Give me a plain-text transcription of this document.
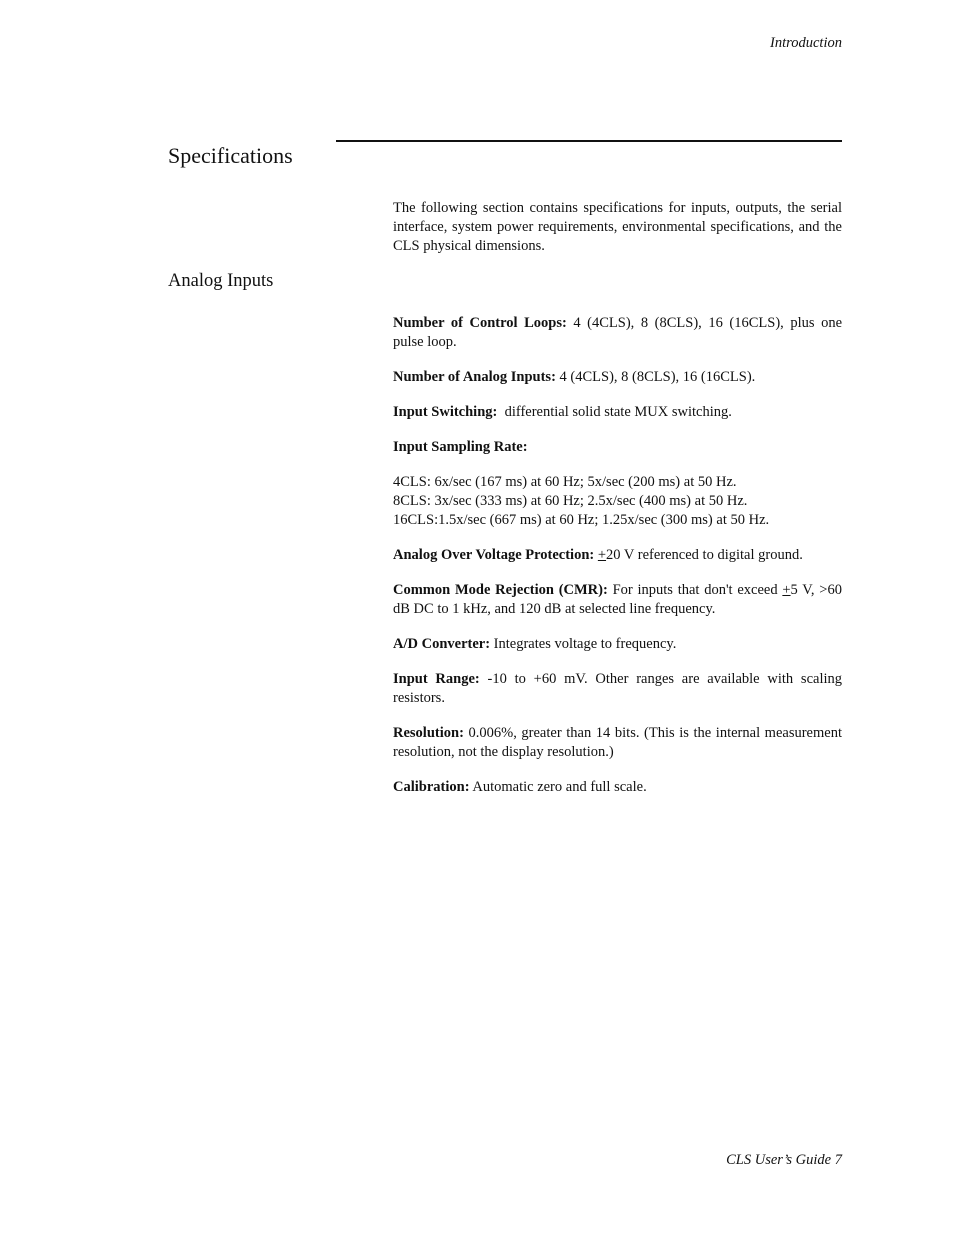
Introduction
Specifications

The following section contains specifications for inputs, outputs, the serial interface, system power requirements, environmental specifications, and the CLS physical dimensions.

Analog Inputs

Number of Control Loops: 4 (4CLS), 8 (8CLS), 16 (16CLS), plus one pulse loop.

Number of Analog Inputs: 4 (4CLS), 8 (8CLS), 16 (16CLS).

Input Switching:  differential solid state MUX switching.

Input Sampling Rate:

4CLS: 6x/sec (167 ms) at 60 Hz; 5x/sec (200 ms) at 50 Hz.
8CLS: 3x/sec (333 ms) at 60 Hz; 2.5x/sec (400 ms) at 50 Hz.
16CLS:1.5x/sec (667 ms) at 60 Hz; 1.25x/sec (300 ms) at 50 Hz.

Analog Over Voltage Protection: +20 V referenced to digital ground.

Common Mode Rejection (CMR): For inputs that don't exceed +5 V, >60 dB DC to 1 kHz, and 120 dB at selected line frequency.

A/D Converter: Integrates voltage to frequency.

Input Range: -10 to +60 mV. Other ranges are available with scaling resistors.

Resolution: 0.006%, greater than 14 bits. (This is the internal measurement resolution, not the display resolution.)

Calibration: Automatic zero and full scale.

CLS User’s Guide 7
